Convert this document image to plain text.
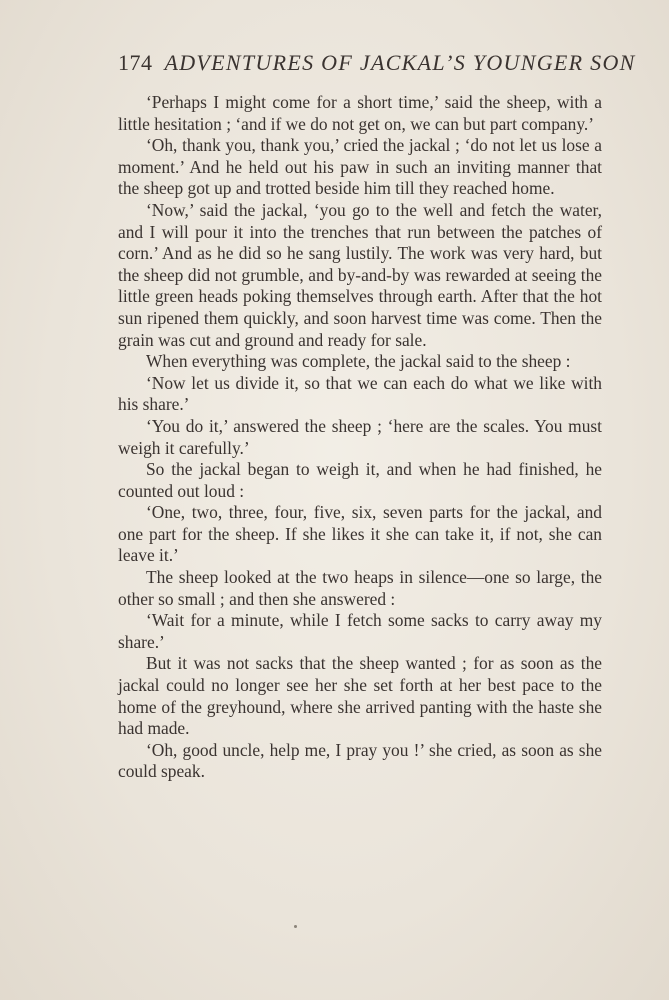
174 ADVENTURES OF JACKAL’S YOUNGER SON

‘Perhaps I might come for a short time,’ said the sheep, with a little hesitation ; ‘and if we do not get on, we can but part company.’

‘Oh, thank you, thank you,’ cried the jackal ; ‘do not let us lose a moment.’ And he held out his paw in such an inviting manner that the sheep got up and trotted beside him till they reached home.

‘Now,’ said the jackal, ‘you go to the well and fetch the water, and I will pour it into the trenches that run between the patches of corn.’ And as he did so he sang lustily. The work was very hard, but the sheep did not grumble, and by-and-by was rewarded at seeing the little green heads poking themselves through earth. After that the hot sun ripened them quickly, and soon harvest time was come. Then the grain was cut and ground and ready for sale.

When everything was complete, the jackal said to the sheep :

‘Now let us divide it, so that we can each do what we like with his share.’

‘You do it,’ answered the sheep ; ‘here are the scales. You must weigh it carefully.’

So the jackal began to weigh it, and when he had finished, he counted out loud :

‘One, two, three, four, five, six, seven parts for the jackal, and one part for the sheep. If she likes it she can take it, if not, she can leave it.’

The sheep looked at the two heaps in silence—one so large, the other so small ; and then she answered :

‘Wait for a minute, while I fetch some sacks to carry away my share.’

But it was not sacks that the sheep wanted ; for as soon as the jackal could no longer see her she set forth at her best pace to the home of the greyhound, where she arrived panting with the haste she had made.

‘Oh, good uncle, help me, I pray you !’ she cried, as soon as she could speak.
